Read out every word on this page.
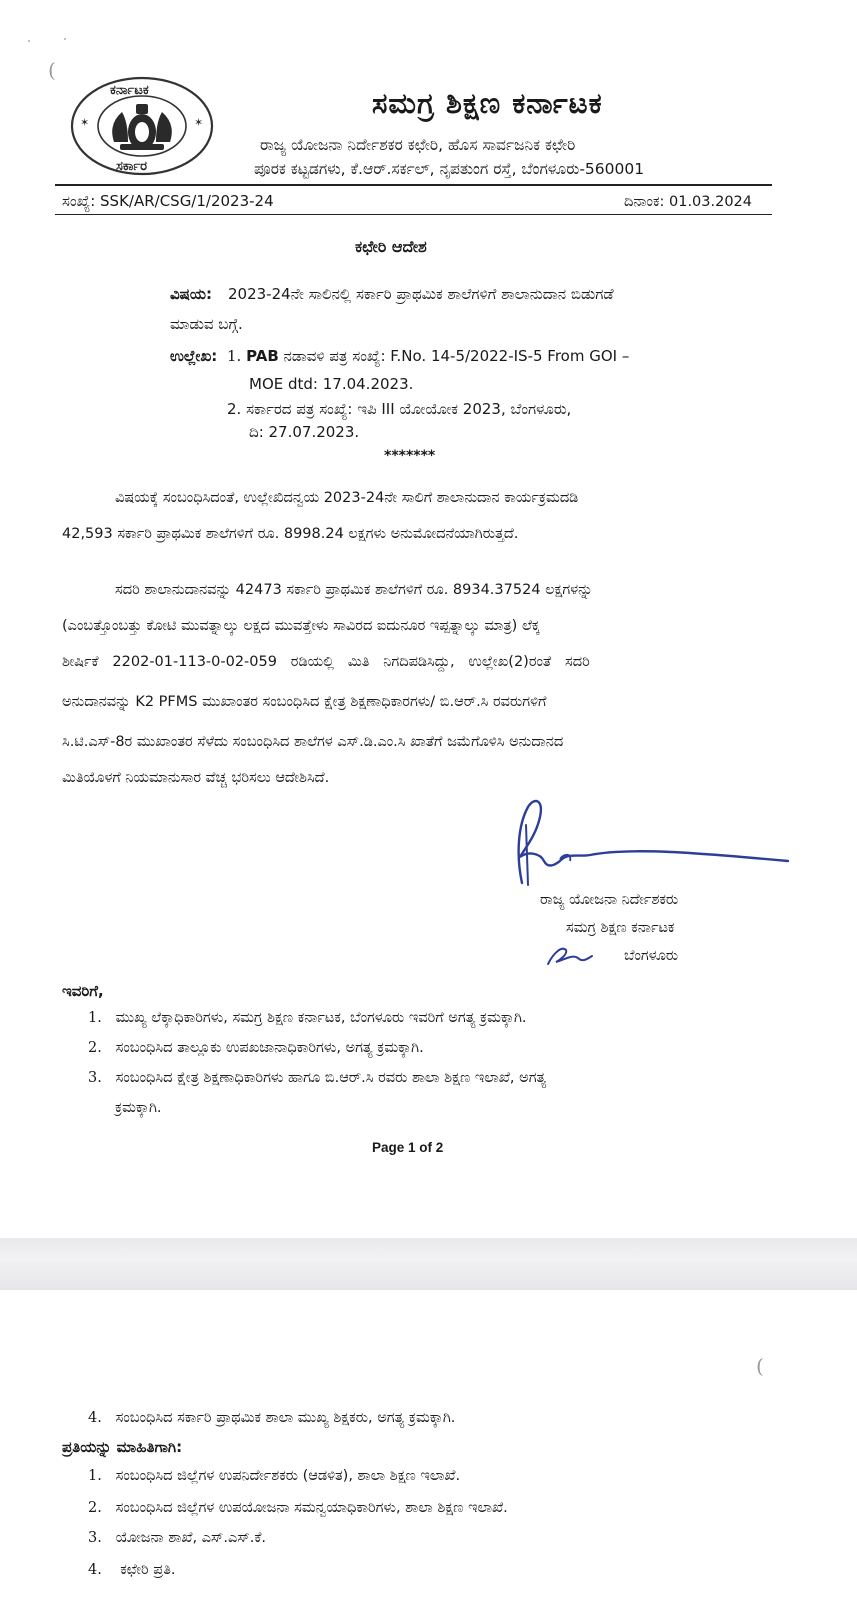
(
✶	✶
ಕರ್ನಾಟಕ
ಸರ್ಕಾರ
ಸಮಗ್ರ ಶಿಕ್ಷಣ ಕರ್ನಾಟಕ
ರಾಜ್ಯ ಯೋಜನಾ ನಿರ್ದೇಶಕರ ಕಛೇರಿ, ಹೊಸ ಸಾರ್ವಜನಿಕ ಕಛೇರಿ
ಪೂರಕ ಕಟ್ಟಡಗಳು, ಕೆ.ಆರ್.ಸರ್ಕಲ್, ನೃಪತುಂಗ ರಸ್ತೆ, ಬೆಂಗಳೂರು-560001
ಸಂಖ್ಯೆ: SSK/AR/CSG/1/2023-24	ದಿನಾಂಕ: 01.03.2024
ಕಛೇರಿ ಆದೇಶ
ವಿಷಯ: 2023-24ನೇ ಸಾಲಿನಲ್ಲಿ ಸರ್ಕಾರಿ ಪ್ರಾಥಮಿಕ ಶಾಲೆಗಳಿಗೆ ಶಾಲಾನುದಾನ ಬಿಡುಗಡೆ
ಮಾಡುವ ಬಗ್ಗೆ.
ಉಲ್ಲೇಖ: 1. PAB ನಡಾವಳಿ ಪತ್ರ ಸಂಖ್ಯೆ: F.No. 14-5/2022-IS-5 From GOI –
MOE dtd: 17.04.2023.
2. ಸರ್ಕಾರದ ಪತ್ರ ಸಂಖ್ಯೆ: ಇಪಿ III ಯೋಯೋಕ 2023, ಬೆಂಗಳೂರು,
ದಿ: 27.07.2023.
*******
ವಿಷಯಕ್ಕೆ ಸಂಬಂಧಿಸಿದಂತೆ, ಉಲ್ಲೇಖಿದನ್ವಯ 2023-24ನೇ ಸಾಲಿಗೆ ಶಾಲಾನುದಾನ ಕಾರ್ಯಕ್ರಮದಡಿ
42,593 ಸರ್ಕಾರಿ ಪ್ರಾಥಮಿಕ ಶಾಲೆಗಳಿಗೆ ರೂ. 8998.24 ಲಕ್ಷಗಳು ಅನುಮೋದನೆಯಾಗಿರುತ್ತದೆ.
ಸದರಿ ಶಾಲಾನುದಾನವನ್ನು 42473 ಸರ್ಕಾರಿ ಪ್ರಾಥಮಿಕ ಶಾಲೆಗಳಿಗೆ ರೂ. 8934.37524 ಲಕ್ಷಗಳನ್ನು
(ಎಂಬತ್ತೊಂಬತ್ತು ಕೋಟಿ ಮುವತ್ನಾಲ್ಕು ಲಕ್ಷದ ಮುವತ್ತೇಳು ಸಾವಿರದ ಐದುನೂರ ಇಪ್ಪತ್ನಾಲ್ಕು ಮಾತ್ರ) ಲೆಕ್ಕ
ಶೀರ್ಷಿಕೆ   2202-01-113-0-02-059   ರಡಿಯಲ್ಲಿ   ಮಿತಿ   ನಿಗದಿಪಡಿಸಿದ್ದು,   ಉಲ್ಲೇಖ(2)ರಂತೆ   ಸದರಿ
ಅನುದಾನವನ್ನು K2 PFMS ಮುಖಾಂತರ ಸಂಬಂಧಿಸಿದ ಕ್ಷೇತ್ರ ಶಿಕ್ಷಣಾಧಿಕಾರಗಳು/ ಬಿ.ಆರ್.ಸಿ ರವರುಗಳಿಗೆ
ಸಿ.ಟಿ.ಎಸ್-8ರ ಮುಖಾಂತರ ಸೆಳೆದು ಸಂಬಂಧಿಸಿದ ಶಾಲೆಗಳ ಎಸ್.ಡಿ.ಎಂ.ಸಿ ಖಾತೆಗೆ ಜಮೆಗೊಳಿಸಿ ಅನುದಾನದ
ಮಿತಿಯೊಳಗೆ ನಿಯಮಾನುಸಾರ ವೆಚ್ಚ ಭರಿಸಲು ಆದೇಶಿಸಿದೆ.
ರಾಜ್ಯ ಯೋಜನಾ ನಿರ್ದೇಶಕರು
ಸಮಗ್ರ ಶಿಕ್ಷಣ ಕರ್ನಾಟಕ
ಬೆಂಗಳೂರು
ಇವರಿಗೆ,
1. ಮುಖ್ಯ ಲೆಕ್ಕಾಧಿಕಾರಿಗಳು, ಸಮಗ್ರ ಶಿಕ್ಷಣ ಕರ್ನಾಟಕ, ಬೆಂಗಳೂರು ಇವರಿಗೆ ಅಗತ್ಯ ಕ್ರಮಕ್ಕಾಗಿ.
2. ಸಂಬಂಧಿಸಿದ ತಾಲ್ಲೂಕು ಉಪಖಜಾನಾಧಿಕಾರಿಗಳು, ಅಗತ್ಯ ಕ್ರಮಕ್ಕಾಗಿ.
3. ಸಂಬಂಧಿಸಿದ ಕ್ಷೇತ್ರ ಶಿಕ್ಷಣಾಧಿಕಾರಿಗಳು ಹಾಗೂ ಬಿ.ಆರ್.ಸಿ ರವರು ಶಾಲಾ ಶಿಕ್ಷಣ ಇಲಾಖೆ, ಅಗತ್ಯ
ಕ್ರಮಕ್ಕಾಗಿ.
Page 1 of 2
(
4. ಸಂಬಂಧಿಸಿದ ಸರ್ಕಾರಿ ಪ್ರಾಥಮಿಕ ಶಾಲಾ ಮುಖ್ಯ ಶಿಕ್ಷಕರು, ಅಗತ್ಯ ಕ್ರಮಕ್ಕಾಗಿ.
ಪ್ರತಿಯನ್ನು ಮಾಹಿತಿಗಾಗಿ:
1. ಸಂಬಂಧಿಸಿದ ಜಿಲ್ಲೆಗಳ ಉಪನಿರ್ದೇಶಕರು (ಆಡಳಿತ), ಶಾಲಾ ಶಿಕ್ಷಣ ಇಲಾಖೆ.
2. ಸಂಬಂಧಿಸಿದ ಜಿಲ್ಲೆಗಳ ಉಪಯೋಜನಾ ಸಮನ್ವಯಾಧಿಕಾರಿಗಳು, ಶಾಲಾ ಶಿಕ್ಷಣ ಇಲಾಖೆ.
3. ಯೋಜನಾ ಶಾಖೆ, ಎಸ್.ಎಸ್.ಕೆ.
4.    ಕಛೇರಿ ಪ್ರತಿ.
